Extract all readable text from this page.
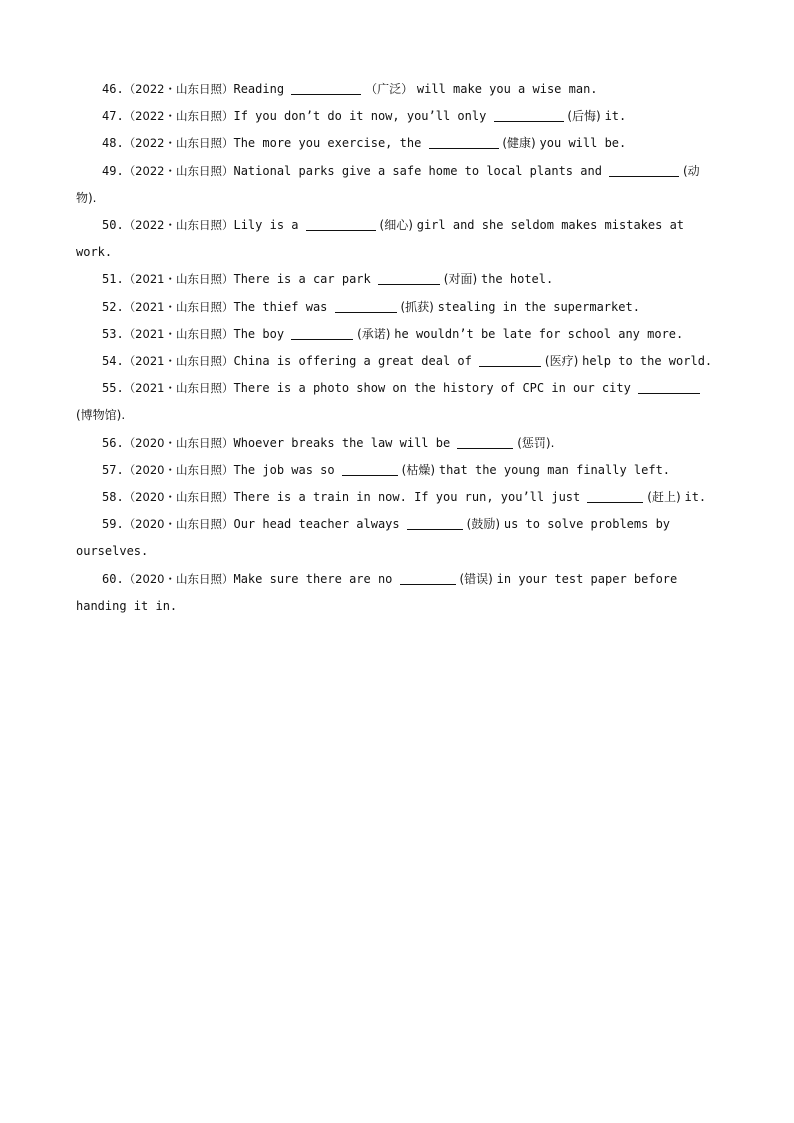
46.（2022・山东日照）Reading	（广泛） will make you a wise man.

47.（2022・山东日照）If you don’t do it now, you’ll only	(后悔) it.

48.（2022・山东日照）The more you exercise, the	(健康) you will be.

49.（2022・山东日照）National parks give a safe home to local plants and	(动物).

50.（2022・山东日照）Lily is a	(细心) girl and she seldom makes mistakes at work.

51.（2021・山东日照）There is a car park	(对面) the hotel.

52.（2021・山东日照）The thief was	(抓获) stealing in the supermarket.

53.（2021・山东日照）The boy	(承诺) he wouldn’t be late for school any more.

54.（2021・山东日照）China is offering a great deal of	(医疗) help to the world.

55.（2021・山东日照）There is a photo show on the history of CPC in our city  (博物馆).

56.（2020・山东日照）Whoever breaks the law will be	(惩罚).

57.（2020・山东日照）The job was so	(枯燥) that the young man finally left.

58.（2020・山东日照）There is a train in now. If you run, you’ll just	(赶上) it.

59.（2020・山东日照）Our head teacher always	(鼓励) us to solve problems by ourselves.

60.（2020・山东日照）Make sure there are no	(错误) in your test paper before handing it in.
